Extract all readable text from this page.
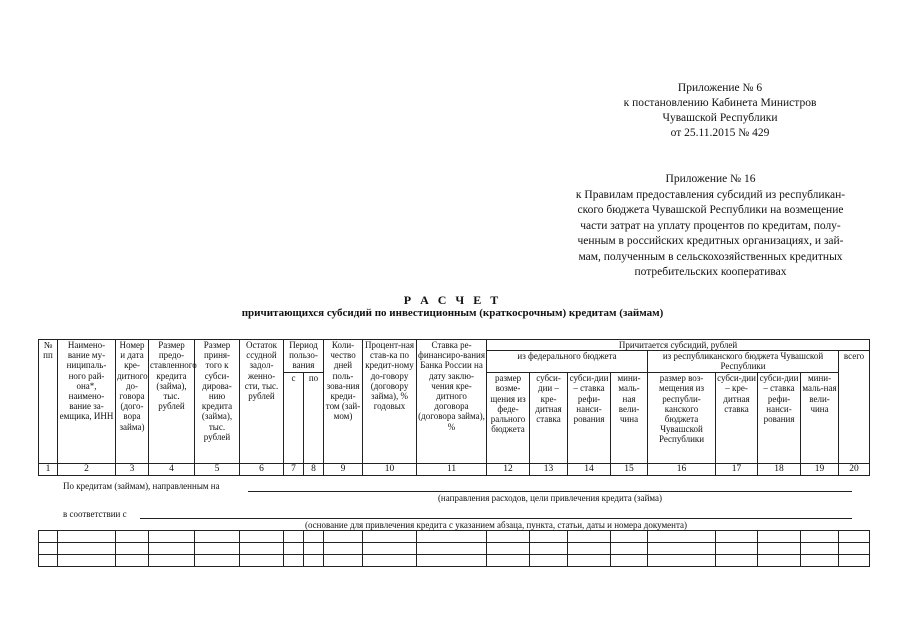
Приложение № 6
к постановлению Кабинета Министров
Чувашской Республики
от 25.11.2015 № 429
Приложение № 16
к Правилам предоставления субсидий из республикан-
ского бюджета Чувашской Республики на возмещение
части затрат на уплату процентов по кредитам, полу-
ченным в российских кредитных организациях, и зай-
мам, полученным в сельскохозяйственных кредитных
потребительских кооперативах
Р А С Ч Е Т
причитающихся субсидий по инвестиционным (краткосрочным) кредитам (займам)
№ пп	Наимено-вание му-ниципаль-ного рай-она*, наимено-вание за-емщика, ИНН	Номер и дата кре-дитного до-говора (дого-вора займа)	Размер предо-ставленного кредита (займа), тыс. рублей	Размер приня-того к субси-дирова-нию кредита (займа), тыс. рублей	Остаток ссудной задол-женно-сти, тыс. рублей	Период пользо-вания		Коли-чество дней поль-зова-ния креди-том (зай-мом)	Процент-ная став-ка по кредит-ному до-говору (договору займа), % годовых	Ставка ре-финансиро-вания Банка России на дату заклю-чения кре-дитного договора (договора займа), %	Причитается субсидий, рублей								
											из федерального бюджета				из республиканского бюджета Чувашской Республики				всего

						с	по				размер возме-щения из феде-рального бюджета	субси-дии – кре-дитная ставка	субси-дии – ставка рефи-нанси-рования	мини-маль-ная вели-чина	размер воз-мещения из республи-канского бюджета Чувашской Республики	субси-дии – кре-дитная ставка	субси-дии – ставка рефи-нанси-рования	мини-маль-ная вели-чина	
1	2	3	4	5	6	7	8	9	10	11	12	13	14	15	16	17	18	19	20
По кредитам (займам), направленным на
(направления расходов, цели привлечения кредита (займа)
в соответствии с
(основание для привлечения кредита с указанием абзаца, пункта, статьи, даты и номера документа)
